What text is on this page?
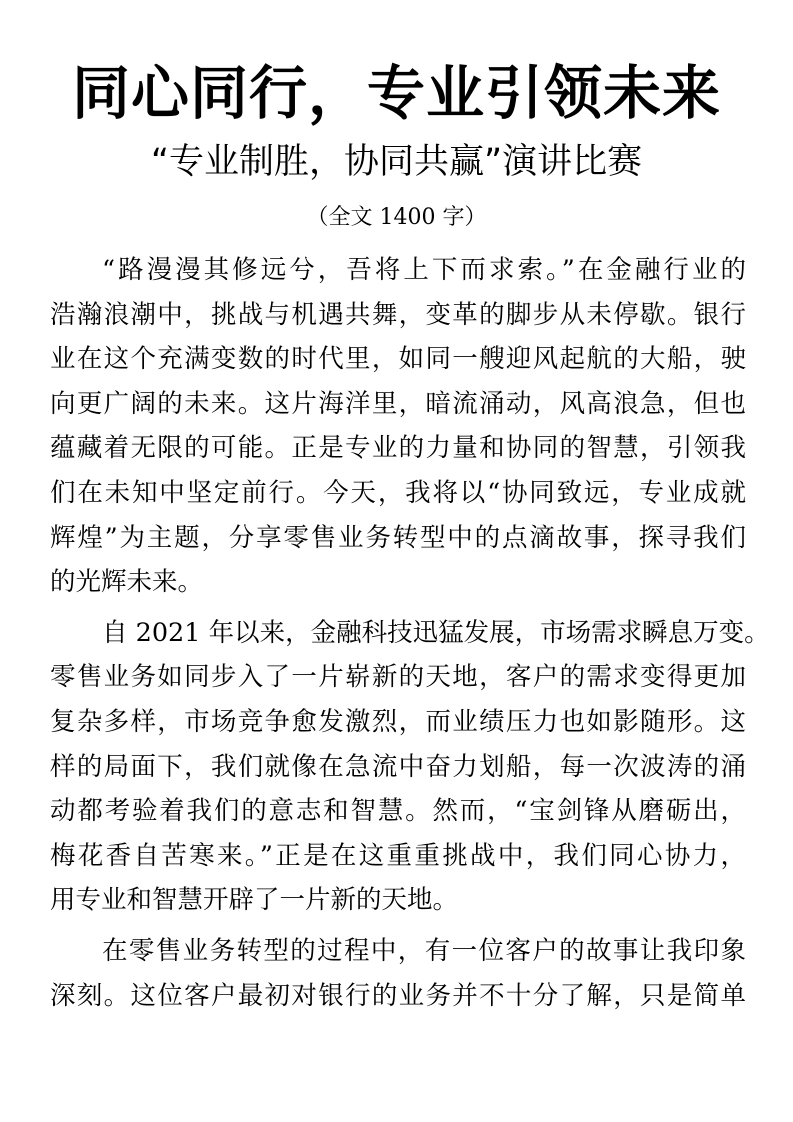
同心同行，专业引领未来
“专业制胜，协同共赢”演讲比赛
（全文 1400 字）
“路漫漫其修远兮，吾将上下而求索。”在金融行业的
浩瀚浪潮中，挑战与机遇共舞，变革的脚步从未停歇。银行
业在这个充满变数的时代里，如同一艘迎风起航的大船，驶
向更广阔的未来。这片海洋里，暗流涌动，风高浪急，但也
蕴藏着无限的可能。正是专业的力量和协同的智慧，引领我
们在未知中坚定前行。今天，我将以“协同致远，专业成就
辉煌”为主题，分享零售业务转型中的点滴故事，探寻我们
的光辉未来。
自 2021 年以来，金融科技迅猛发展，市场需求瞬息万变。
零售业务如同步入了一片崭新的天地，客户的需求变得更加
复杂多样，市场竞争愈发激烈，而业绩压力也如影随形。这
样的局面下，我们就像在急流中奋力划船，每一次波涛的涌
动都考验着我们的意志和智慧。然而，“宝剑锋从磨砺出，
梅花香自苦寒来。”正是在这重重挑战中，我们同心协力，
用专业和智慧开辟了一片新的天地。
在零售业务转型的过程中，有一位客户的故事让我印象
深刻。这位客户最初对银行的业务并不十分了解，只是简单
